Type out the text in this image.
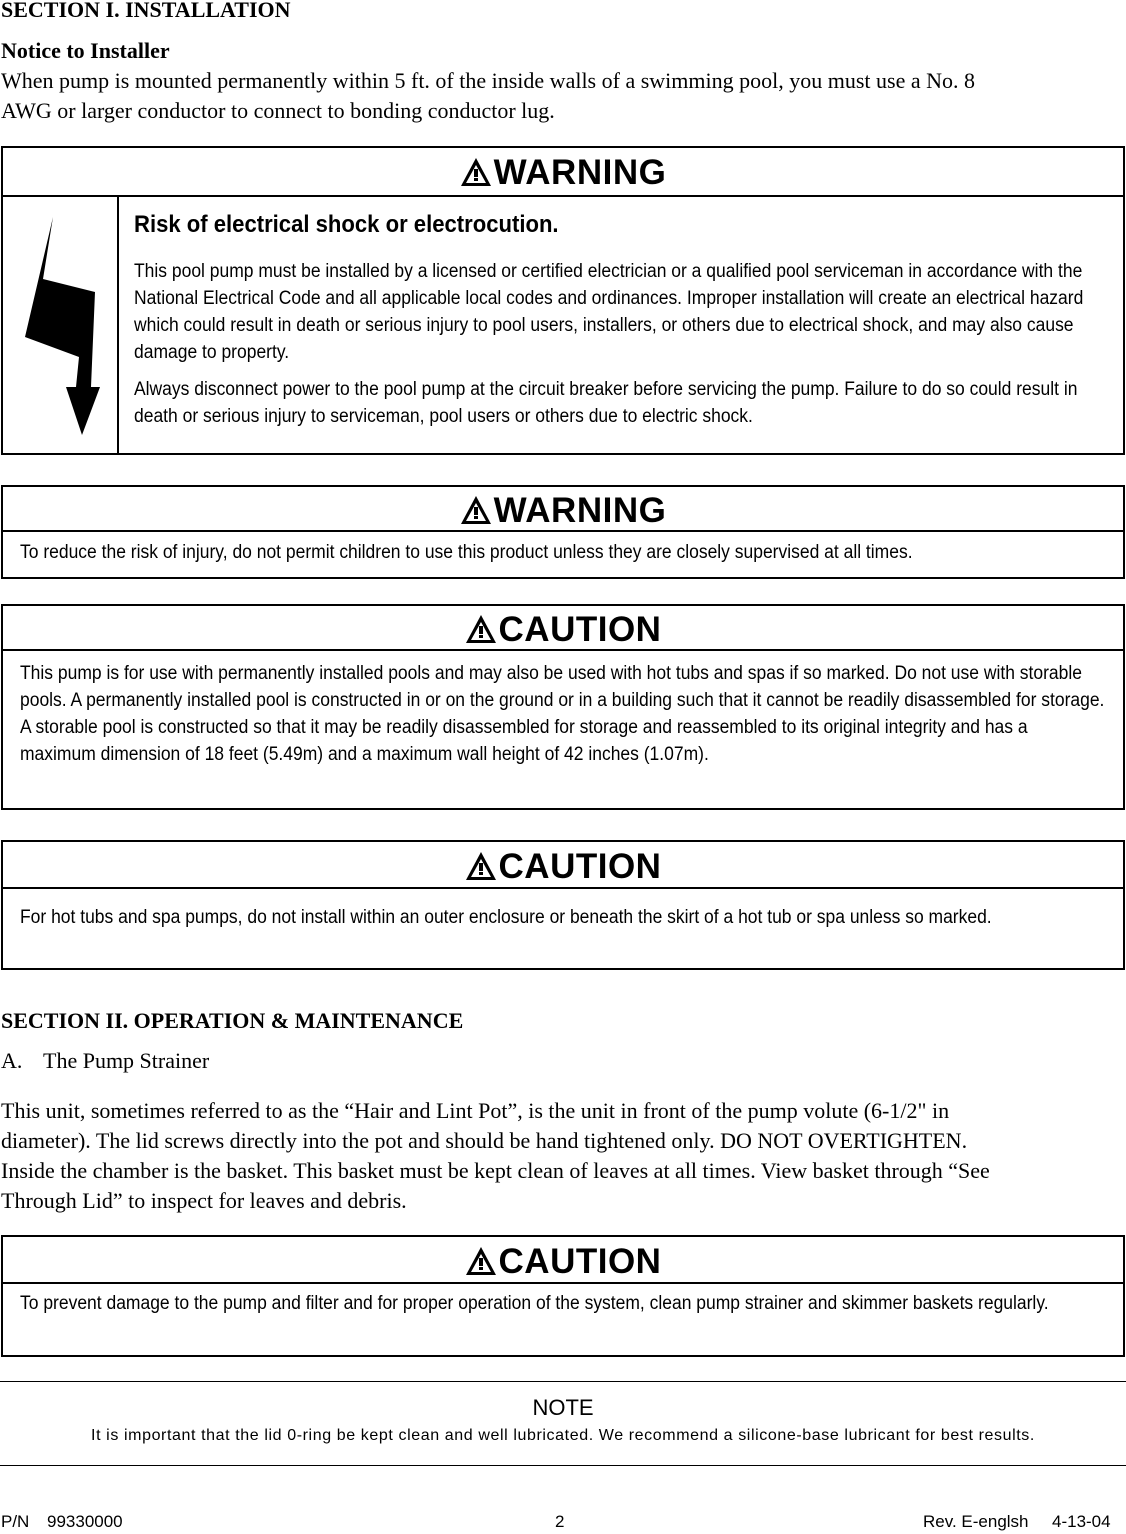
SECTION I. INSTALLATION
Notice to Installer
When pump is mounted permanently within 5 ft. of the inside walls of a swimming pool, you must use a No. 8
AWG or larger conductor to connect to bonding conductor lug.
WARNING
Risk of electrical shock or electrocution.
This pool pump must be installed by a licensed or certified electrician or a qualified pool serviceman in accordance with the National Electrical Code and all applicable local codes and ordinances. Improper installation will create an electrical hazard which could result in death or serious injury to pool users, installers, or others due to electrical shock, and may also cause damage to property.
Always disconnect power to the pool pump at the circuit breaker before servicing the pump. Failure to do so could result in death or serious injury to serviceman, pool users or others due to electric shock.
WARNING
To reduce the risk of injury, do not permit children to use this product unless they are closely supervised at all times.
CAUTION
This pump is for use with permanently installed pools and may also be used with hot tubs and spas if so marked. Do not use with storable pools. A permanently installed pool is constructed in or on the ground or in a building such that it cannot be readily disassembled for storage. A storable pool is constructed so that it may be readily disassembled for storage and reassembled to its original integrity and has a maximum dimension of 18 feet (5.49m) and a maximum wall height of 42 inches (1.07m).
CAUTION
For hot tubs and spa pumps, do not install within an outer enclosure or beneath the skirt of a hot tub or spa unless so marked.
SECTION II. OPERATION & MAINTENANCE
A. The Pump Strainer
This unit, sometimes referred to as the “Hair and Lint Pot”, is the unit in front of the pump volute (6-1/2" in
diameter). The lid screws directly into the pot and should be hand tightened only. DO NOT OVERTIGHTEN.
Inside the chamber is the basket. This basket must be kept clean of leaves at all times. View basket through “See
Through Lid” to inspect for leaves and debris.
CAUTION
To prevent damage to the pump and filter and for proper operation of the system, clean pump strainer and skimmer baskets regularly.
NOTE
It is important that the lid 0-ring be kept clean and well lubricated. We recommend a silicone-base lubricant for best results.
P/N 99330000	2	Rev. E-englsh 4-13-04
